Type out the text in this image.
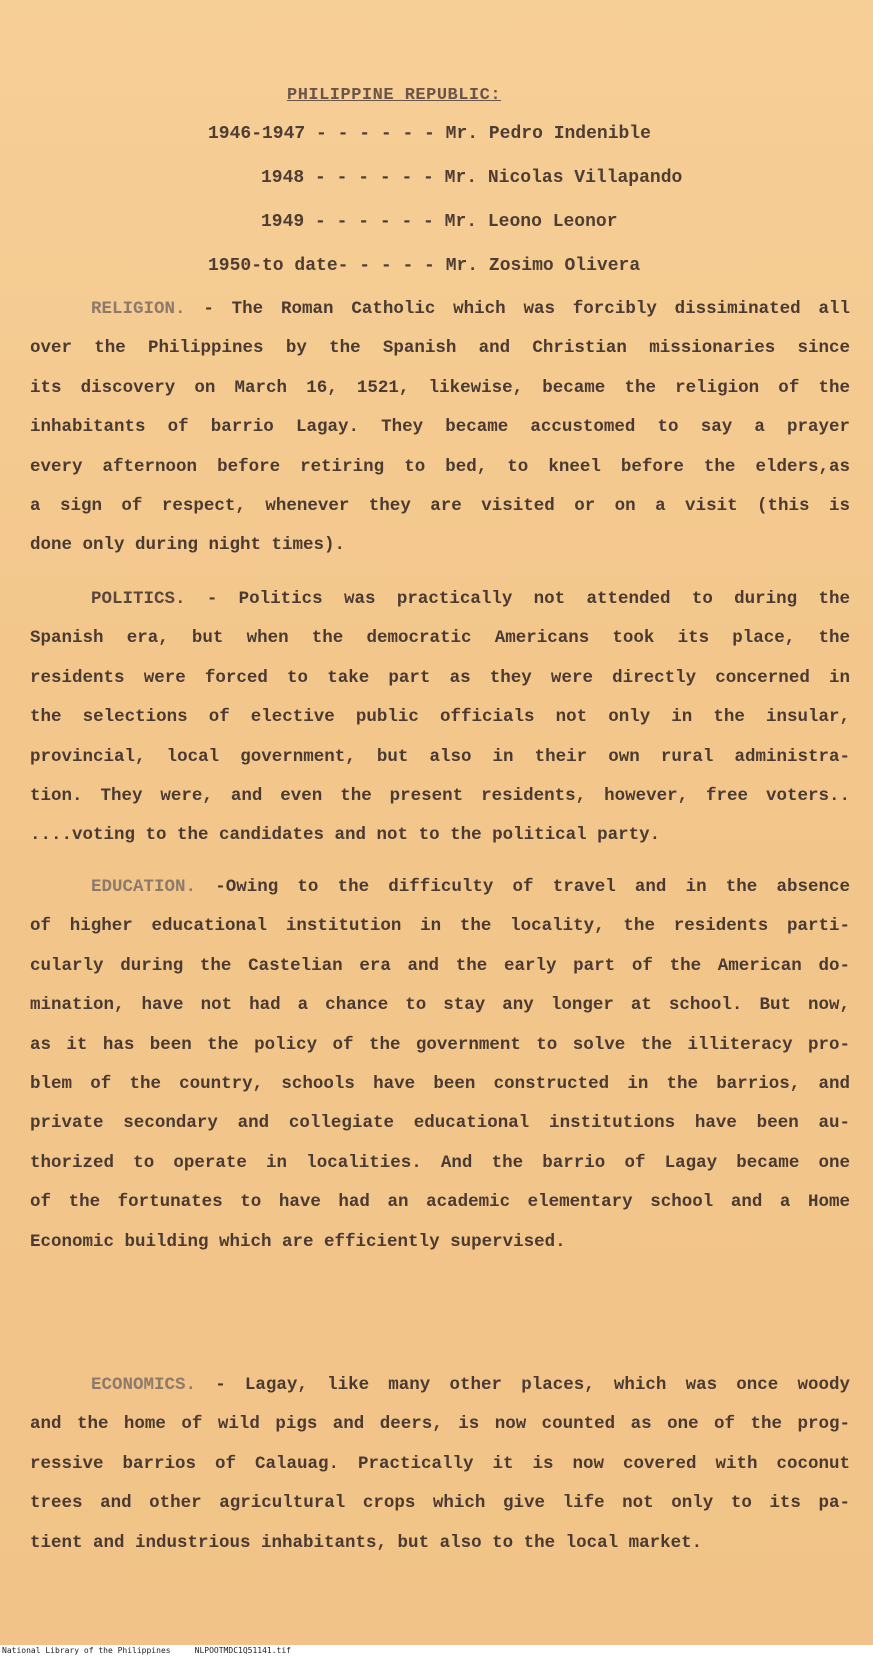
PHILIPPINE REPUBLIC:
1946-1947 - - - - - - Mr. Pedro Indenible
1948 - - - - - - Mr. Nicolas Villapando
1949 - - - - - - Mr. Leono Leonor
1950-to date- - - - - Mr. Zosimo Olivera
RELIGION. - The Roman Catholic which was forcibly dissiminated all
over the Philippines by the Spanish and Christian missionaries since
its discovery on March 16, 1521, likewise, became the religion of the
inhabitants of barrio Lagay. They became accustomed to say a prayer
every afternoon before retiring to bed, to kneel before the elders,as
a sign of respect, whenever they are visited or on a visit (this is
done only during night times).
POLITICS. - Politics was practically not attended to during the
Spanish era, but when the democratic Americans took its place, the
residents were forced to take part as they were directly concerned in
the selections of elective public officials not only in the insular,
provincial, local government, but also in their own rural administra-
tion. They were, and even the present residents, however, free voters..
....voting to the candidates and not to the political party.
EDUCATION. -Owing to the difficulty of travel and in the absence
of higher educational institution in the locality, the residents parti-
cularly during the Castelian era and the early part of the American do-
mination, have not had a chance to stay any longer at school. But now,
as it has been the policy of the government to solve the illiteracy pro-
blem of the country, schools have been constructed in the barrios, and
private secondary and collegiate educational institutions have been au-
thorized to operate in localities. And the barrio of Lagay became one
of the fortunates to have had an academic elementary school and a Home
Economic building which are efficiently supervised.
ECONOMICS. - Lagay, like many other places, which was once woody
and the home of wild pigs and deers, is now counted as one of the prog-
ressive barrios of Calauag. Practically it is now covered with coconut
trees and other agricultural crops which give life not only to its pa-
tient and industrious inhabitants, but also to the local market.
National Library of the Philippines     NLPOOTMDC1Q51141.tif
